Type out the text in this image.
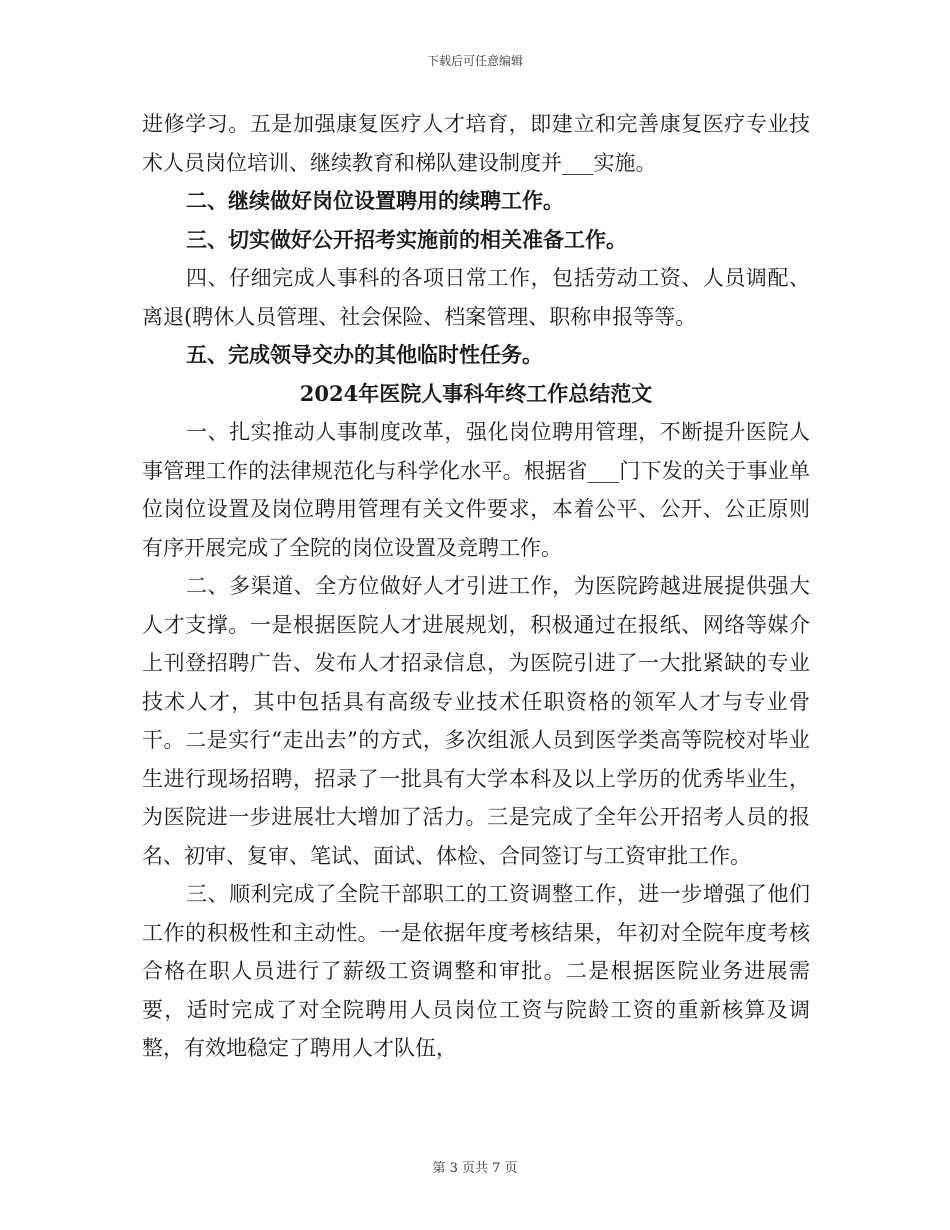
下载后可任意编辑

进修学习。五是加强康复医疗人才培育，即建立和完善康复医疗专业技术人员岗位培训、继续教育和梯队建设制度并___实施。

二、继续做好岗位设置聘用的续聘工作。

三、切实做好公开招考实施前的相关准备工作。

四、仔细完成人事科的各项日常工作，包括劳动工资、人员调配、离退(聘休人员管理、社会保险、档案管理、职称申报等等。

五、完成领导交办的其他临时性任务。

2024年医院人事科年终工作总结范文

一、扎实推动人事制度改革，强化岗位聘用管理，不断提升医院人事管理工作的法律规范化与科学化水平。根据省___门下发的关于事业单位岗位设置及岗位聘用管理有关文件要求，本着公平、公开、公正原则有序开展完成了全院的岗位设置及竞聘工作。

二、多渠道、全方位做好人才引进工作，为医院跨越进展提供强大人才支撑。一是根据医院人才进展规划，积极通过在报纸、网络等媒介上刊登招聘广告、发布人才招录信息，为医院引进了一大批紧缺的专业技术人才，其中包括具有高级专业技术任职资格的领军人才与专业骨干。二是实行“走出去”的方式，多次组派人员到医学类高等院校对毕业生进行现场招聘，招录了一批具有大学本科及以上学历的优秀毕业生，为医院进一步进展壮大增加了活力。三是完成了全年公开招考人员的报名、初审、复审、笔试、面试、体检、合同签订与工资审批工作。

三、顺利完成了全院干部职工的工资调整工作，进一步增强了他们工作的积极性和主动性。一是依据年度考核结果，年初对全院年度考核合格在职人员进行了薪级工资调整和审批。二是根据医院业务进展需要，适时完成了对全院聘用人员岗位工资与院龄工资的重新核算及调整，有效地稳定了聘用人才队伍，

第 3 页共 7 页
